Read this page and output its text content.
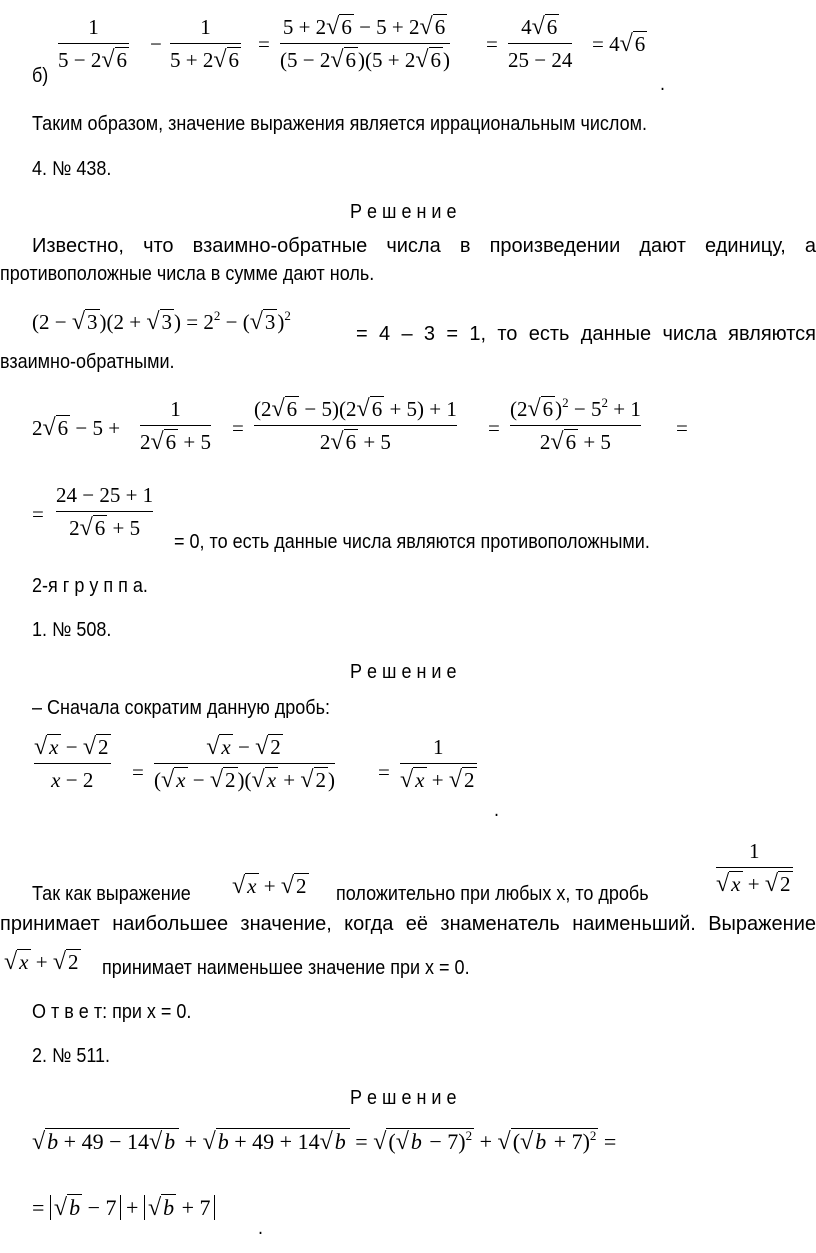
б)
1
5 − 2√6
−
1
5 + 2√6
=
5 + 2√6 − 5 + 2√6
(5 − 2√6)(5 + 2√6)
=
4√6
25 − 24
= 4√6
.
Таким образом, значение выражения является иррациональным числом.
4. № 438.
Р е ш е н и е
Известно, что взаимно-обратные числа в произведении дают единицу, а
противоположные числа в сумме дают ноль.
$(2 - √3)(2 + √3) = 2^2 - (√3)^2$
= 4 – 3 = 1, то есть данные числа являются
взаимно-обратными.
2√6 − 5 +
1
2√6 + 5
=
(2√6 − 5)(2√6 + 5) + 1
2√6 + 5
=
$(2√6)^2 - 5^2 + 1$
2√6 + 5
=
=
24 − 25 + 1
2√6 + 5
= 0, то есть данные числа являются противоположными.
2-я г р у п п а.
1. № 508.
Р е ш е н и е
– Сначала сократим данную дробь:
√x − √2
x − 2 =
√x − √2
(√x − √2)(√x + √2) =
1
√x + √2
.
Так как выражение √x + √2 положительно при любых x, то дробь
1
√x + √2
принимает наибольшее значение, когда её знаменатель наименьший. Выражение
√x + √2 принимает наименьшее значение при x = 0.
О т в е т: при x = 0.
2. № 511.
Р е ш е н и е
$√b + 49 - 14√b + √b + 49 + 14√b = √(√b - 7)^2 + √(√b + 7)^2$ =
= √b − 7 + √b + 7
.
